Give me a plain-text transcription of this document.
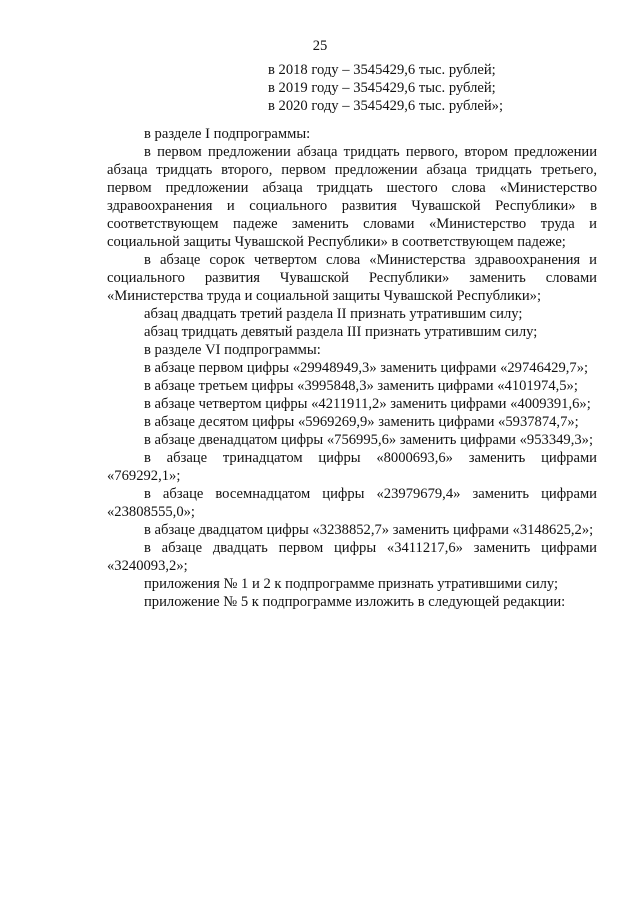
25
в 2018 году – 3545429,6 тыс. рублей;
в 2019 году – 3545429,6 тыс. рублей;
в 2020 году – 3545429,6 тыс. рублей»;
в разделе I подпрограммы:
в первом предложении абзаца тридцать первого, втором предложении абзаца тридцать второго, первом предложении абзаца тридцать третьего, первом предложении абзаца тридцать шестого слова «Министерство здравоохранения и социального развития Чувашской Республики» в соответствующем падеже заменить словами «Министерство труда и социальной защиты Чувашской Республики» в соответствующем падеже;
в абзаце сорок четвертом слова «Министерства здравоохранения и социального развития Чувашской Республики» заменить словами «Министерства труда и социальной защиты Чувашской Республики»;
абзац двадцать третий раздела II признать утратившим силу;
абзац тридцать девятый раздела III признать утратившим силу;
в разделе VI подпрограммы:
в абзаце первом цифры «29948949,3» заменить цифрами «29746429,7»;
в абзаце третьем цифры «3995848,3» заменить цифрами «4101974,5»;
в абзаце четвертом цифры «4211911,2» заменить цифрами «4009391,6»;
в абзаце десятом цифры «5969269,9» заменить цифрами «5937874,7»;
в абзаце двенадцатом цифры «756995,6» заменить цифрами «953349,3»;
в абзаце тринадцатом цифры «8000693,6» заменить цифрами «769292,1»;
в абзаце восемнадцатом цифры «23979679,4» заменить цифрами «23808555,0»;
в абзаце двадцатом цифры «3238852,7» заменить цифрами «3148625,2»;
в абзаце двадцать первом цифры «3411217,6» заменить цифрами «3240093,2»;
приложения № 1 и 2 к подпрограмме признать утратившими силу;
приложение № 5 к подпрограмме изложить в следующей редакции:
